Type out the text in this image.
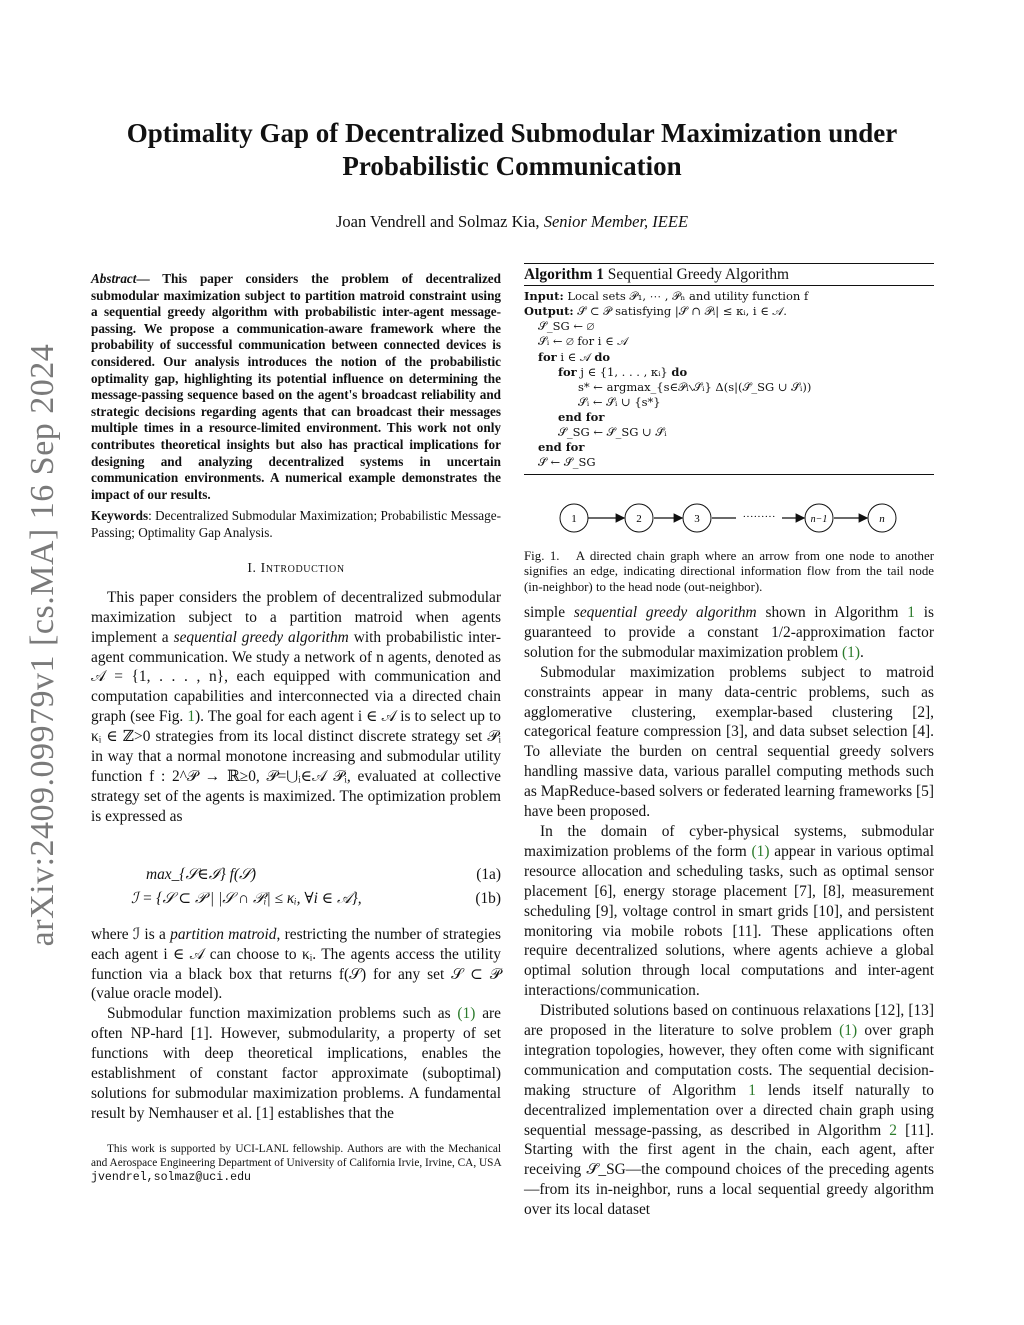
arXiv:2409.09979v1 [cs.MA] 16 Sep 2024
Optimality Gap of Decentralized Submodular Maximization under
Probabilistic Communication
Joan Vendrell and Solmaz Kia, Senior Member, IEEE

Abstract— This paper considers the problem of decentralized submodular maximization subject to partition matroid constraint using a sequential greedy algorithm with probabilistic inter-agent message-passing. We propose a communication-aware framework where the probability of successful communication between connected devices is considered. Our analysis introduces the notion of the probabilistic optimality gap, highlighting its potential influence on determining the message-passing sequence based on the agent's broadcast reliability and strategic decisions regarding agents that can broadcast their messages multiple times in a resource-limited environment. This work not only contributes theoretical insights but also has practical implications for designing and analyzing decentralized systems in uncertain communication environments. A numerical example demonstrates the impact of our results.

Keywords: Decentralized Submodular Maximization; Probabilistic Message-Passing; Optimality Gap Analysis.

I. Introduction

This paper considers the problem of decentralized submodular maximization subject to a partition matroid when agents implement a sequential greedy algorithm with probabilistic inter-agent communication. We study a network of n agents, denoted as 𝒜 = {1, . . . , n}, each equipped with communication and computation capabilities and interconnected via a directed chain graph (see Fig. 1). The goal for each agent i ∈ 𝒜 is to select up to κᵢ ∈ ℤ>0 strategies from its local distinct discrete strategy set 𝒫ᵢ in way that a normal monotone increasing and submodular utility function f : 2^𝒫 → ℝ≥0, 𝒫=⋃ᵢ∈𝒜 𝒫ᵢ, evaluated at collective strategy set of the agents is maximized. The optimization problem is expressed as

max_{𝒮∈ℐ} f(𝒮)	(1a)
ℐ = {𝒮 ⊂ 𝒫 | |𝒮 ∩ 𝒫ᵢ| ≤ κᵢ, ∀i ∈ 𝒜},	(1b)

where ℐ is a partition matroid, restricting the number of strategies each agent i ∈ 𝒜 can choose to κᵢ. The agents access the utility function via a black box that returns f(𝒮) for any set 𝒮 ⊂ 𝒫 (value oracle model).

Submodular function maximization problems such as (1) are often NP-hard [1]. However, submodularity, a property of set functions with deep theoretical implications, enables the establishment of constant factor approximate (suboptimal) solutions for submodular maximization problems. A fundamental result by Nemhauser et al. [1] establishes that the

This work is supported by UCI-LANL fellowship. Authors are with the Mechanical and Aerospace Engineering Department of University of California Irvie, Irvine, CA, USA jvendrel,solmaz@uci.edu

Algorithm 1 Sequential Greedy Algorithm
Input: Local sets 𝒫₁, ⋯ , 𝒫ₙ and utility function f
Output: 𝒮̄ ⊂ 𝒫 satisfying |𝒮̄ ∩ 𝒫ᵢ| ≤ κᵢ, i ∈ 𝒜.
𝒮̄_SG ← ∅
𝒮̄ᵢ ← ∅ for i ∈ 𝒜
for i ∈ 𝒜 do
for j ∈ {1, . . . , κᵢ} do
s* ← argmax_{s∈𝒫ᵢ∖𝒮̄ᵢ} Δ(s|(𝒮̄_SG ∪ 𝒮̄ᵢ))
𝒮̄ᵢ ← 𝒮̄ᵢ ∪ {s*}
end for
𝒮̄_SG ← 𝒮̄_SG ∪ 𝒮̄ᵢ
end for
𝒮̄ ← 𝒮̄_SG
1	2	3	·········	n−1	n
Fig. 1. A directed chain graph where an arrow from one node to another signifies an edge, indicating directional information flow from the tail node (in-neighbor) to the head node (out-neighbor).

simple sequential greedy algorithm shown in Algorithm 1 is guaranteed to provide a constant 1/2-approximation factor solution for the submodular maximization problem (1).

Submodular maximization problems subject to matroid constraints appear in many data-centric problems, such as agglomerative clustering, exemplar-based clustering [2], categorical feature compression [3], and data subset selection [4]. To alleviate the burden on central sequential greedy solvers handling massive data, various parallel computing methods such as MapReduce-based solvers or federated learning frameworks [5] have been proposed.

In the domain of cyber-physical systems, submodular maximization problems of the form (1) appear in various optimal resource allocation and scheduling tasks, such as optimal sensor placement [6], energy storage placement [7], [8], measurement scheduling [9], voltage control in smart grids [10], and persistent monitoring via mobile robots [11]. These applications often require decentralized solutions, where agents achieve a global optimal solution through local computations and inter-agent interactions/communication.

Distributed solutions based on continuous relaxations [12], [13] are proposed in the literature to solve problem (1) over graph integration topologies, however, they often come with significant communication and computation costs. The sequential decision-making structure of Algorithm 1 lends itself naturally to decentralized implementation over a directed chain graph using sequential message-passing, as described in Algorithm 2 [11]. Starting with the first agent in the chain, each agent, after receiving 𝒮̄_SG—the compound choices of the preceding agents—from its in-neighbor, runs a local sequential greedy algorithm over its local dataset
